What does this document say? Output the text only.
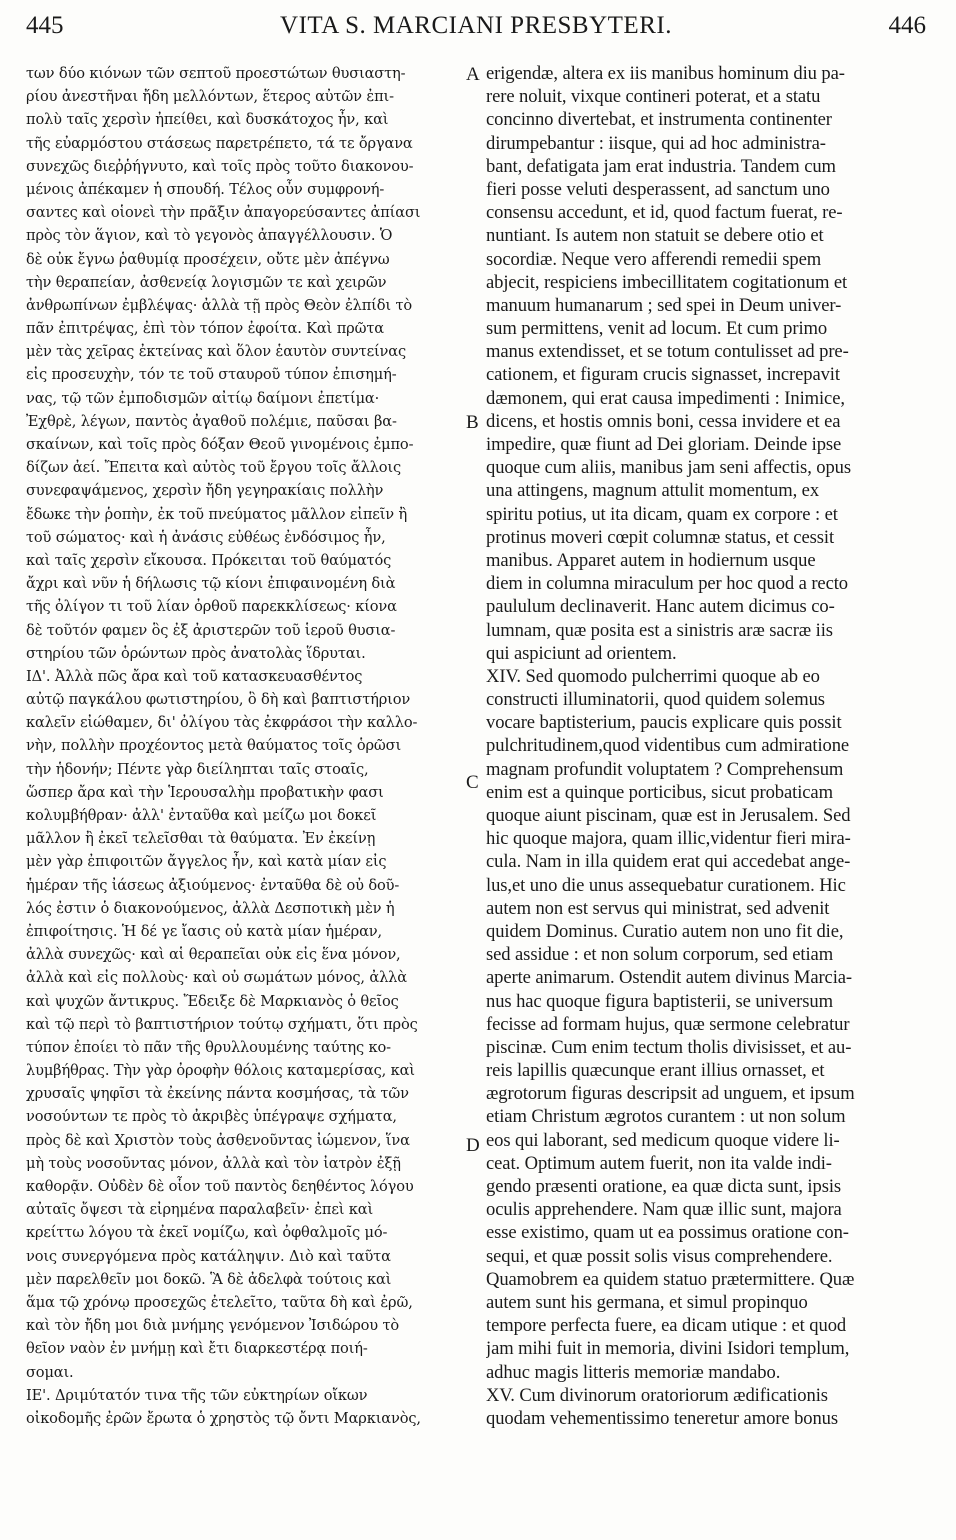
445	VITA S. MARCIANI PRESBYTERI.	446
των δύο κιόνων τῶν σεπτοῦ προεστώτων θυσιαστη-
ρίου ἀνεστῆναι ἤδη μελλόντων, ἕτερος αὐτῶν ἐπι-
πολὺ ταῖς χερσὶν ἠπείθει, καὶ δυσκάτοχος ἦν, καὶ
τῆς εὐαρμόστου στάσεως παρετρέπετο, τά τε ὄργανα
συνεχῶς διεῤῥήγνυτο, καὶ τοῖς πρὸς τοῦτο διακονου-
μένοις ἀπέκαμεν ἡ σπουδή. Τέλος οὖν συμφρονή-
σαντες καὶ οἱονεὶ τὴν πρᾶξιν ἀπαγορεύσαντες ἀπίασι
πρὸς τὸν ἅγιον, καὶ τὸ γεγονὸς ἀπαγγέλλουσιν. Ὁ
δὲ οὐκ ἔγνω ῥαθυμίᾳ προσέχειν, οὔτε μὲν ἀπέγνω
τὴν θεραπείαν, ἀσθενείᾳ λογισμῶν τε καὶ χειρῶν
ἀνθρωπίνων ἐμβλέψας· ἀλλὰ τῇ πρὸς Θεὸν ἐλπίδι τὸ
πᾶν ἐπιτρέψας, ἐπὶ τὸν τόπον ἐφοίτα. Καὶ πρῶτα
μὲν τὰς χεῖρας ἐκτείνας καὶ ὅλον ἑαυτὸν συντείνας
εἰς προσευχὴν, τόν τε τοῦ σταυροῦ τύπον ἐπισημή-
νας, τῷ τῶν ἐμποδισμῶν αἰτίῳ δαίμονι ἐπετίμα·
Ἐχθρὲ, λέγων, παντὸς ἀγαθοῦ πολέμιε, παῦσαι βα-
σκαίνων, καὶ τοῖς πρὸς δόξαν Θεοῦ γινομένοις ἐμπο-
δίζων ἀεί. Ἔπειτα καὶ αὐτὸς τοῦ ἔργου τοῖς ἄλλοις
συνεφαψάμενος, χερσὶν ἤδη γεγηρακίαις πολλὴν
ἔδωκε τὴν ῥοπὴν, ἐκ τοῦ πνεύματος μᾶλλον εἰπεῖν ἢ
τοῦ σώματος· καὶ ἡ ἀνάσις εὐθέως ἐνδόσιμος ἦν,
καὶ ταῖς χερσὶν εἴκουσα. Πρόκειται τοῦ θαύματός
ἄχρι καὶ νῦν ἡ δήλωσις τῷ κίονι ἐπιφαινομένη διὰ
τῆς ὀλίγον τι τοῦ λίαν ὀρθοῦ παρεκκλίσεως· κίονα
δὲ τοῦτόν φαμεν ὃς ἐξ ἀριστερῶν τοῦ ἱεροῦ θυσια-
στηρίου τῶν ὁρώντων πρὸς ἀνατολὰς ἵδρυται.
ΙΔ'. Ἀλλὰ πῶς ἄρα καὶ τοῦ κατασκευασθέντος
αὐτῷ παγκάλου φωτιστηρίου, ὃ δὴ καὶ βαπτιστήριον
καλεῖν εἰώθαμεν, δι' ὀλίγου τὰς ἐκφράσοι τὴν καλλο-
νὴν, πολλὴν προχέοντος μετὰ θαύματος τοῖς ὁρῶσι
τὴν ἡδονήν; Πέντε γὰρ διείληπται ταῖς στοαῖς,
ὥσπερ ἄρα καὶ τὴν Ἱερουσαλὴμ προβατικὴν φασι
κολυμβήθραν· ἀλλ' ἐνταῦθα καὶ μείζω μοι δοκεῖ
μᾶλλον ἢ ἐκεῖ τελεῖσθαι τὰ θαύματα. Ἐν ἐκείνῃ
μὲν γὰρ ἐπιφοιτῶν ἄγγελος ἦν, καὶ κατὰ μίαν εἰς
ἡμέραν τῆς ἰάσεως ἀξιούμενος· ἐνταῦθα δὲ οὐ δοῦ-
λός ἐστιν ὁ διακονούμενος, ἀλλὰ Δεσποτικὴ μὲν ἡ
ἐπιφοίτησις. Ἡ δέ γε ἴασις οὐ κατὰ μίαν ἡμέραν,
ἀλλὰ συνεχῶς· καὶ αἱ θεραπεῖαι οὐκ εἰς ἕνα μόνον,
ἀλλὰ καὶ εἰς πολλοὺς· καὶ οὐ σωμάτων μόνος, ἀλλὰ
καὶ ψυχῶν ἄντικρυς. Ἔδειξε δὲ Μαρκιανὸς ὁ θεῖος
καὶ τῷ περὶ τὸ βαπτιστήριον τούτῳ σχήματι, ὅτι πρὸς
τύπον ἐποίει τὸ πᾶν τῆς θρυλλουμένης ταύτης κο-
λυμβήθρας. Τὴν γὰρ ὀροφὴν θόλοις καταμερίσας, καὶ
χρυσαῖς ψηφῖσι τὰ ἐκείνης πάντα κοσμήσας, τὰ τῶν
νοσούντων τε πρὸς τὸ ἀκριβὲς ὑπέγραψε σχήματα,
πρὸς δὲ καὶ Χριστὸν τοὺς ἀσθενοῦντας ἰώμενον, ἵνα
μὴ τοὺς νοσοῦντας μόνον, ἀλλὰ καὶ τὸν ἰατρὸν ἐξῇ
καθορᾷν. Οὐδὲν δὲ οἷον τοῦ παντὸς δεηθέντος λόγου
αὐταῖς ὄψεσι τὰ εἰρημένα παραλαβεῖν· ἐπεὶ καὶ
κρείττω λόγου τὰ ἐκεῖ νομίζω, καὶ ὀφθαλμοῖς μό-
νοις συνεργόμενα πρὸς κατάληψιν. Διὸ καὶ ταῦτα
μὲν παρελθεῖν μοι δοκῶ. Ἃ δὲ ἀδελφὰ τούτοις καὶ
ἅμα τῷ χρόνῳ προσεχῶς ἐτελεῖτο, ταῦτα δὴ καὶ ἐρῶ,
καὶ τὸν ἤδη μοι διὰ μνήμης γενόμενον Ἰσιδώρου τὸ
θεῖον ναὸν ἐν μνήμῃ καὶ ἔτι διαρκεστέρᾳ ποιή-
σομαι.
ΙΕ'. Δριμύτατόν τινα τῆς τῶν εὐκτηρίων οἴκων
οἰκοδομῆς ἐρῶν ἔρωτα ὁ χρηστὸς τῷ ὄντι Μαρκιανὸς,
erigendæ, altera ex iis manibus hominum diu pa-
rere noluit, vixque contineri poterat, et a statu
concinno divertebat, et instrumenta continenter
dirumpebantur : iisque, qui ad hoc administra-
bant, defatigata jam erat industria. Tandem cum
fieri posse veluti desperassent, ad sanctum uno
consensu accedunt, et id, quod factum fuerat, re-
nuntiant. Is autem non statuit se debere otio et
socordiæ. Neque vero afferendi remedii spem
abjecit, respiciens imbecillitatem cogitationum et
manuum humanarum ; sed spei in Deum univer-
sum permittens, venit ad locum. Et cum primo
manus extendisset, et se totum contulisset ad pre-
cationem, et figuram crucis signasset, increpavit
dæmonem, qui erat causa impedimenti : Inimice,
dicens, et hostis omnis boni, cessa invidere et ea
impedire, quæ fiunt ad Dei gloriam. Deinde ipse
quoque cum aliis, manibus jam seni affectis, opus
una attingens, magnum attulit momentum, ex
spiritu potius, ut ita dicam, quam ex corpore : et
protinus moveri cœpit columnæ status, et cessit
manibus. Apparet autem in hodiernum usque
diem in columna miraculum per hoc quod a recto
paululum declinaverit. Hanc autem dicimus co-
lumnam, quæ posita est a sinistris aræ sacræ iis
qui aspiciunt ad orientem.
XIV. Sed quomodo pulcherrimi quoque ab eo
constructi illuminatorii, quod quidem solemus
vocare baptisterium, paucis explicare quis possit
pulchritudinem,quod videntibus cum admiratione
magnam profundit voluptatem ? Comprehensum
enim est a quinque porticibus, sicut probaticam
quoque aiunt piscinam, quæ est in Jerusalem. Sed
hic quoque majora, quam illic,videntur fieri mira-
cula. Nam in illa quidem erat qui accedebat ange-
lus,et uno die unus assequebatur curationem. Hic
autem non est servus qui ministrat, sed advenit
quidem Dominus. Curatio autem non uno fit die,
sed assidue : et non solum corporum, sed etiam
aperte animarum. Ostendit autem divinus Marcia-
nus hac quoque figura baptisterii, se universum
fecisse ad formam hujus, quæ sermone celebratur
piscinæ. Cum enim tectum tholis divisisset, et au-
reis lapillis quæcunque erant illius ornasset, et
ægrotorum figuras descripsit ad unguem, et ipsum
etiam Christum ægrotos curantem : ut non solum
eos qui laborant, sed medicum quoque videre li-
ceat. Optimum autem fuerit, non ita valde indi-
gendo præsenti oratione, ea quæ dicta sunt, ipsis
oculis apprehendere. Nam quæ illic sunt, majora
esse existimo, quam ut ea possimus oratione con-
sequi, et quæ possit solis visus comprehendere.
Quamobrem ea quidem statuo prætermittere. Quæ
autem sunt his germana, et simul propinquo
tempore perfecta fuere, ea dicam utique : et quod
jam mihi fuit in memoria, divini Isidori templum,
adhuc magis litteris memoriæ mandabo.
XV. Cum divinorum oratoriorum ædificationis
quodam vehementissimo teneretur amore bonus
A
B
C
D
